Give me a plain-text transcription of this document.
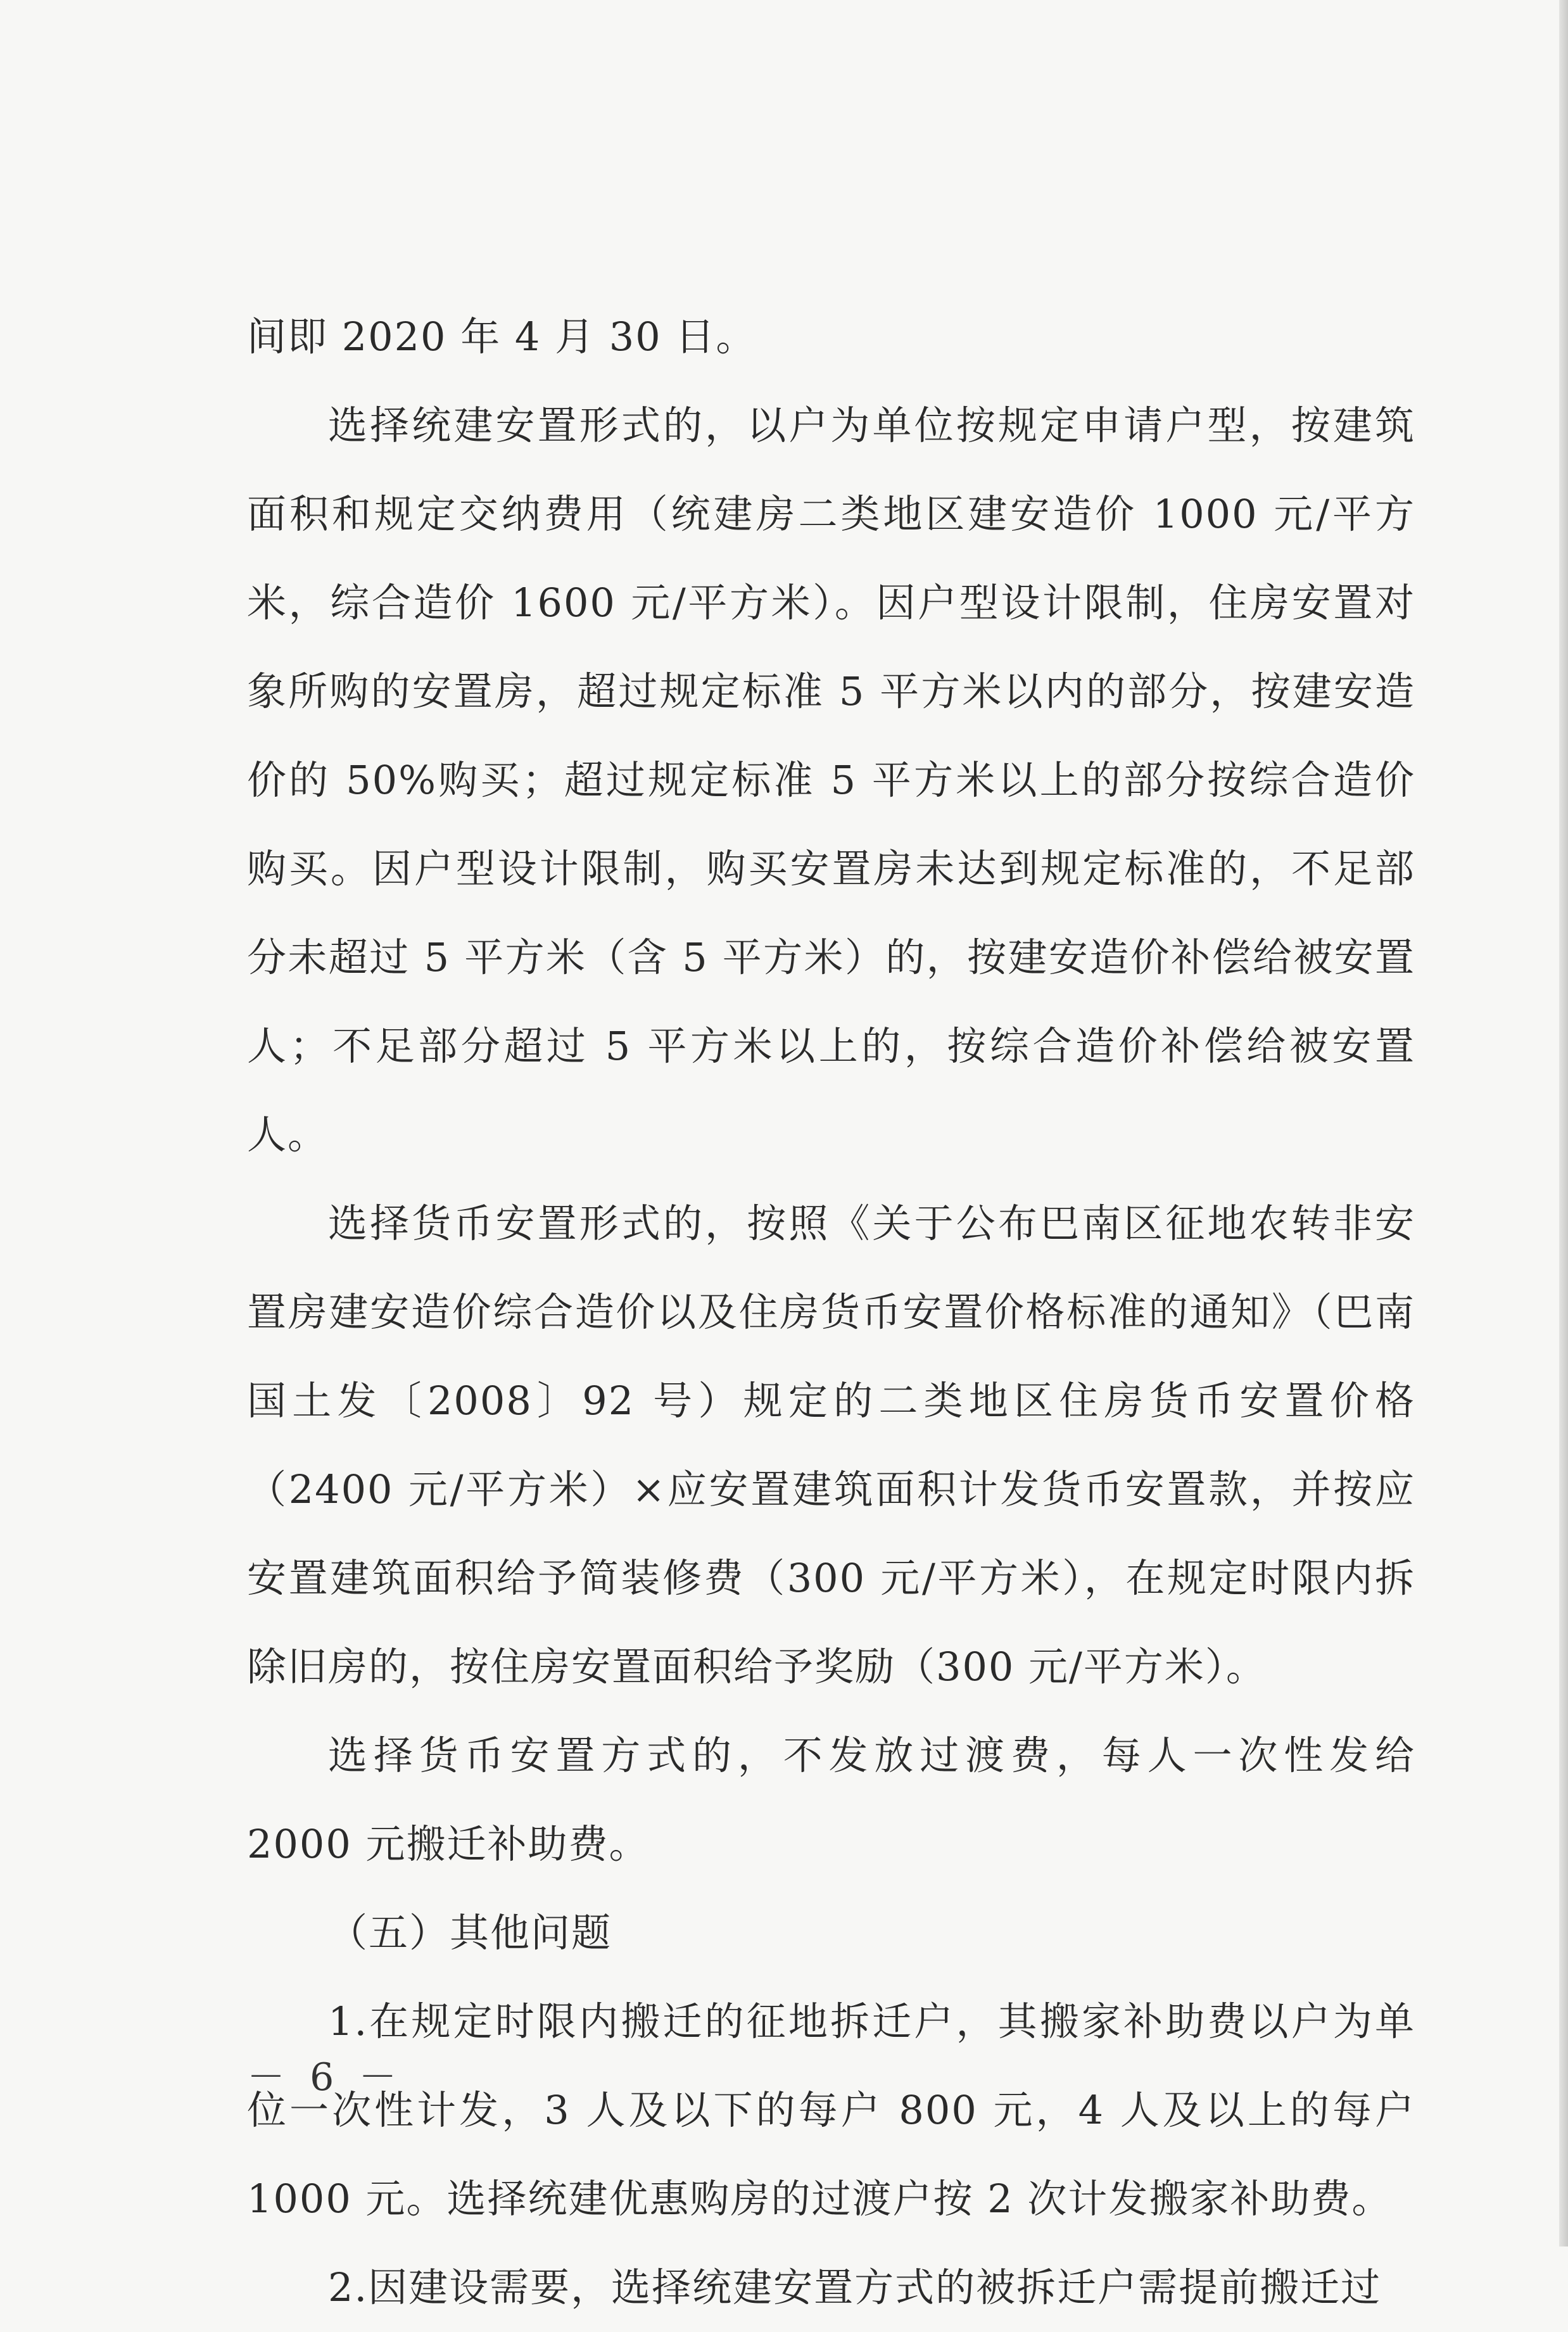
间即 2020 年 4 月 30 日。

选择统建安置形式的，以户为单位按规定申请户型，按建筑面积和规定交纳费用（统建房二类地区建安造价 1000 元/平方米，综合造价 1600 元/平方米）。因户型设计限制，住房安置对象所购的安置房，超过规定标准 5 平方米以内的部分，按建安造价的 50%购买；超过规定标准 5 平方米以上的部分按综合造价购买。因户型设计限制，购买安置房未达到规定标准的，不足部分未超过 5 平方米（含 5 平方米）的，按建安造价补偿给被安置人；不足部分超过 5 平方米以上的，按综合造价补偿给被安置人。

选择货币安置形式的，按照《关于公布巴南区征地农转非安置房建安造价综合造价以及住房货币安置价格标准的通知》（巴南国土发〔2008〕92 号）规定的二类地区住房货币安置价格（2400 元/平方米）×应安置建筑面积计发货币安置款，并按应安置建筑面积给予简装修费（300 元/平方米），在规定时限内拆除旧房的，按住房安置面积给予奖励（300 元/平方米）。

选择货币安置方式的，不发放过渡费，每人一次性发给 2000 元搬迁补助费。

（五）其他问题

1.在规定时限内搬迁的征地拆迁户，其搬家补助费以户为单位一次性计发，3 人及以下的每户 800 元，4 人及以上的每户 1000 元。选择统建优惠购房的过渡户按 2 次计发搬家补助费。

2.因建设需要，选择统建安置方式的被拆迁户需提前搬迁过

－ 6 －
